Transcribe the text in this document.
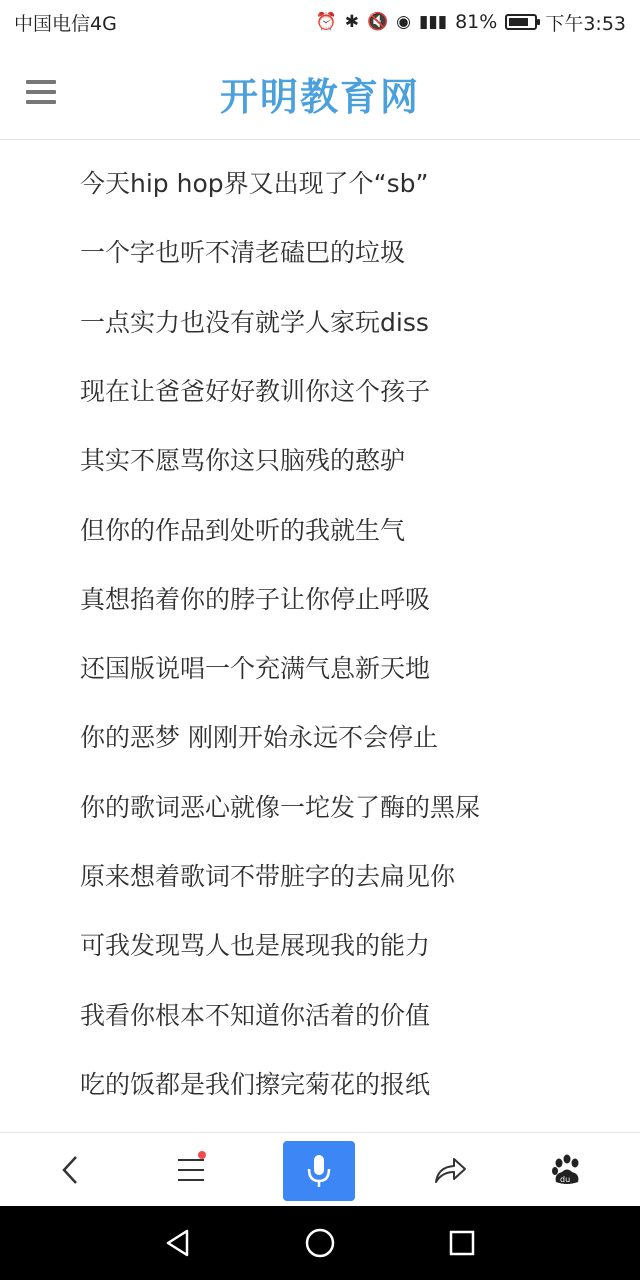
中国电信4G	⏰ ✱ 🔇 ◉ ▮▮▮ 81%	下午3:53
开明教育网
今天hip hop界又出现了个“sb”
一个字也听不清老磕巴的垃圾
一点实力也没有就学人家玩diss
现在让爸爸好好教训你这个孩子
其实不愿骂你这只脑残的憨驴
但你的作品到处听的我就生气
真想掐着你的脖子让你停止呼吸
还国版说唱一个充满气息新天地
你的恶梦 刚刚开始永远不会停止
你的歌词恶心就像一坨发了酶的黑屎
原来想着歌词不带脏字的去扁见你
可我发现骂人也是展现我的能力
我看你根本不知道你活着的价值
吃的饭都是我们擦完菊花的报纸
du
